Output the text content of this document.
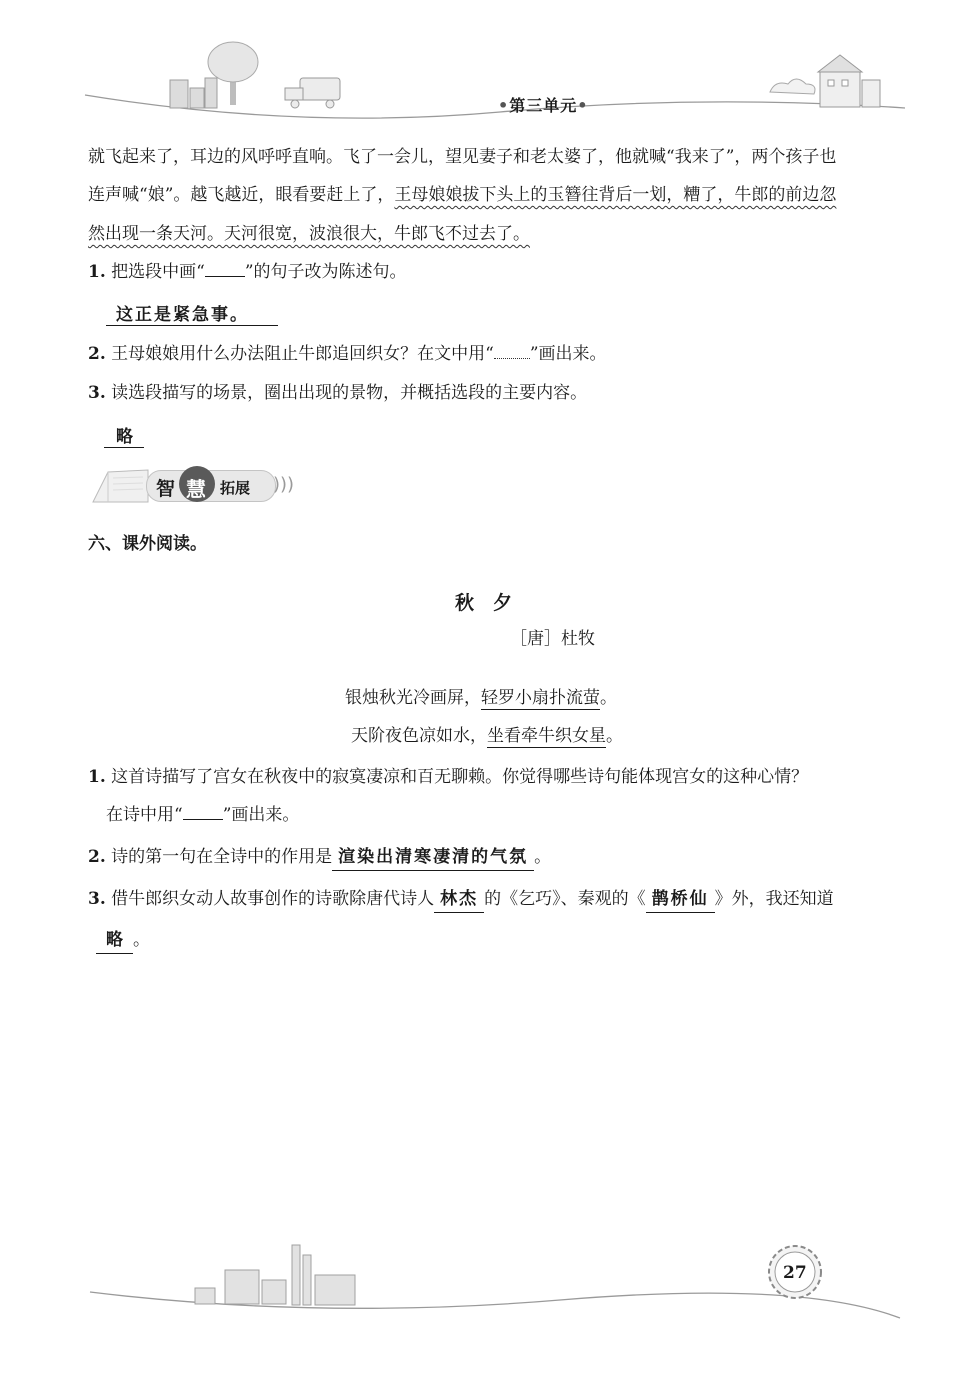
•第三单元•
就飞起来了，耳边的风呼呼直响。飞了一会儿，望见妻子和老太婆了，他就喊“我来了”，两个孩子也
连声喊“娘”。越飞越近，眼看要赶上了，王母娘娘拔下头上的玉簪往背后一划，糟了，牛郎的前边忽
然出现一条天河。天河很宽，波浪很大，牛郎飞不过去了。
1. 把选段中画“ ”的句子改为陈述句。
这正是紧急事。
2. 王母娘娘用什么办法阻止牛郎追回织女？在文中用“ ”画出来。
3. 读选段描写的场景，圈出出现的景物，并概括选段的主要内容。
略
智 慧 拓展 )))
六、课外阅读。
秋　夕
［唐］杜牧
银烛秋光冷画屏，轻罗小扇扑流萤。
天阶夜色凉如水，坐看牵牛织女星。
1. 这首诗描写了宫女在秋夜中的寂寞凄凉和百无聊赖。你觉得哪些诗句能体现宫女的这种心情？
在诗中用“ ”画出来。
2. 诗的第一句在全诗中的作用是 渲染出清寒凄清的气氛 。
3. 借牛郎织女动人故事创作的诗歌除唐代诗人 林杰 的《乞巧》、秦观的《 鹊桥仙 》外，我还知道
略 。
27
